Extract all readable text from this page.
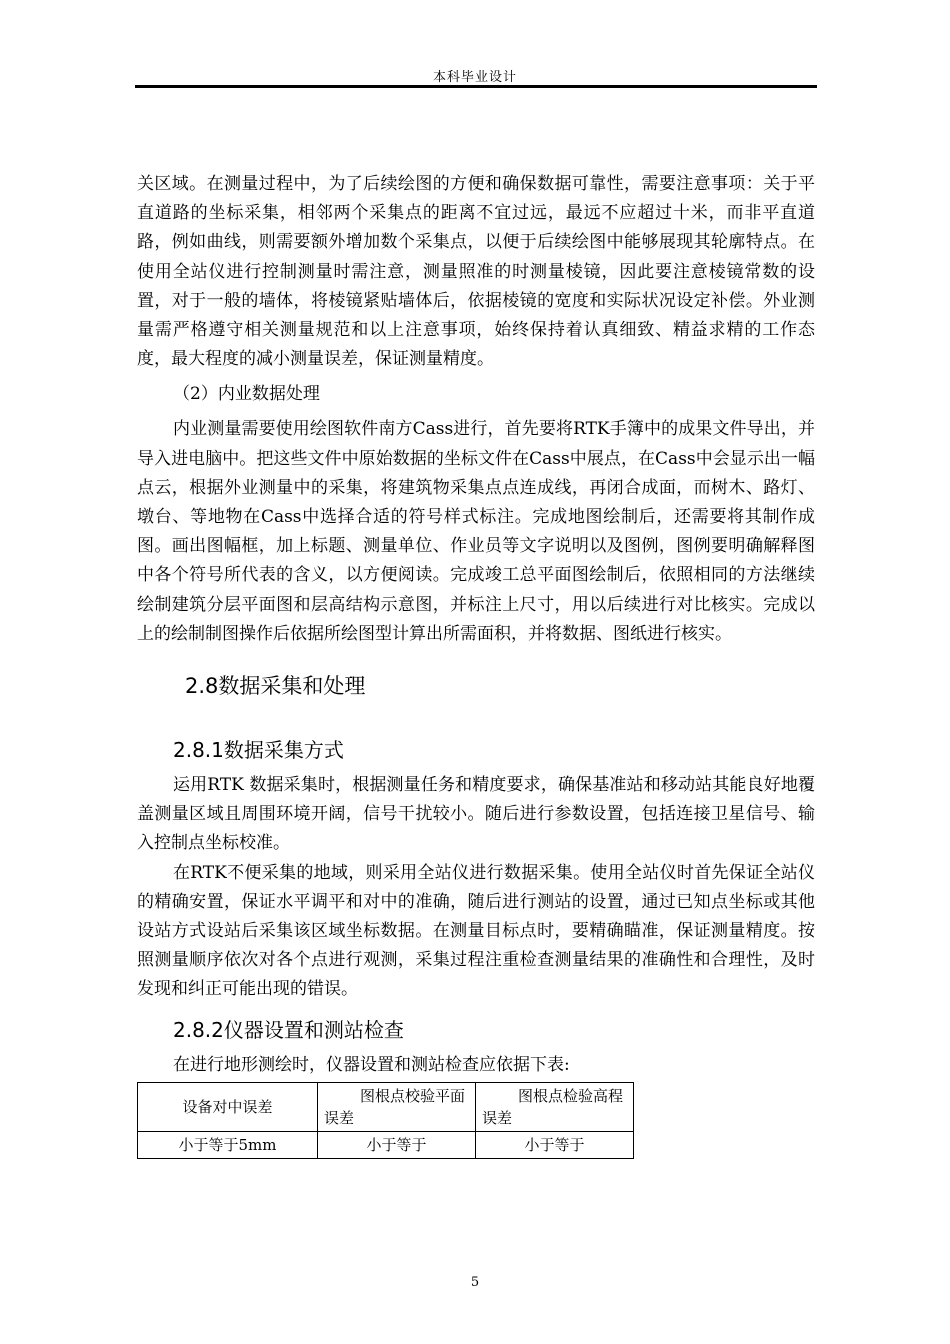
本科毕业设计

关区域。在测量过程中，为了后续绘图的方便和确保数据可靠性，需要注意事项：关于平直道路的坐标采集，相邻两个采集点的距离不宜过远，最远不应超过十米，而非平直道路，例如曲线，则需要额外增加数个采集点，以便于后续绘图中能够展现其轮廓特点。在使用全站仪进行控制测量时需注意，测量照准的时测量棱镜，因此要注意棱镜常数的设置，对于一般的墙体，将棱镜紧贴墙体后，依据棱镜的宽度和实际状况设定补偿。外业测量需严格遵守相关测量规范和以上注意事项，始终保持着认真细致、精益求精的工作态度，最大程度的减小测量误差，保证测量精度。

（2）内业数据处理

内业测量需要使用绘图软件南方Cass进行，首先要将RTK手簿中的成果文件导出，并导入进电脑中。把这些文件中原始数据的坐标文件在Cass中展点，在Cass中会显示出一幅点云，根据外业测量中的采集，将建筑物采集点点连成线，再闭合成面，而树木、路灯、墩台、等地物在Cass中选择合适的符号样式标注。完成地图绘制后，还需要将其制作成图。画出图幅框，加上标题、测量单位、作业员等文字说明以及图例，图例要明确解释图中各个符号所代表的含义，以方便阅读。完成竣工总平面图绘制后，依照相同的方法继续绘制建筑分层平面图和层高结构示意图，并标注上尺寸，用以后续进行对比核实。完成以上的绘制制图操作后依据所绘图型计算出所需面积，并将数据、图纸进行核实。

2.8数据采集和处理
2.8.1数据采集方式

运用RTK 数据采集时，根据测量任务和精度要求，确保基准站和移动站其能良好地覆盖测量区域且周围环境开阔，信号干扰较小。随后进行参数设置，包括连接卫星信号、输入控制点坐标校准。

在RTK不便采集的地域，则采用全站仪进行数据采集。使用全站仪时首先保证全站仪的精确安置，保证水平调平和对中的准确，随后进行测站的设置，通过已知点坐标或其他设站方式设站后采集该区域坐标数据。在测量目标点时，要精确瞄准，保证测量精度。按照测量顺序依次对各个点进行观测，采集过程注重检查测量结果的准确性和合理性，及时发现和纠正可能出现的错误。

2.8.2仪器设置和测站检查

在进行地形测绘时，仪器设置和测站检查应依据下表:

设备对中误差	图根点校验平面误差	图根点检验高程误差
小于等于5mm	小于等于	小于等于
5
